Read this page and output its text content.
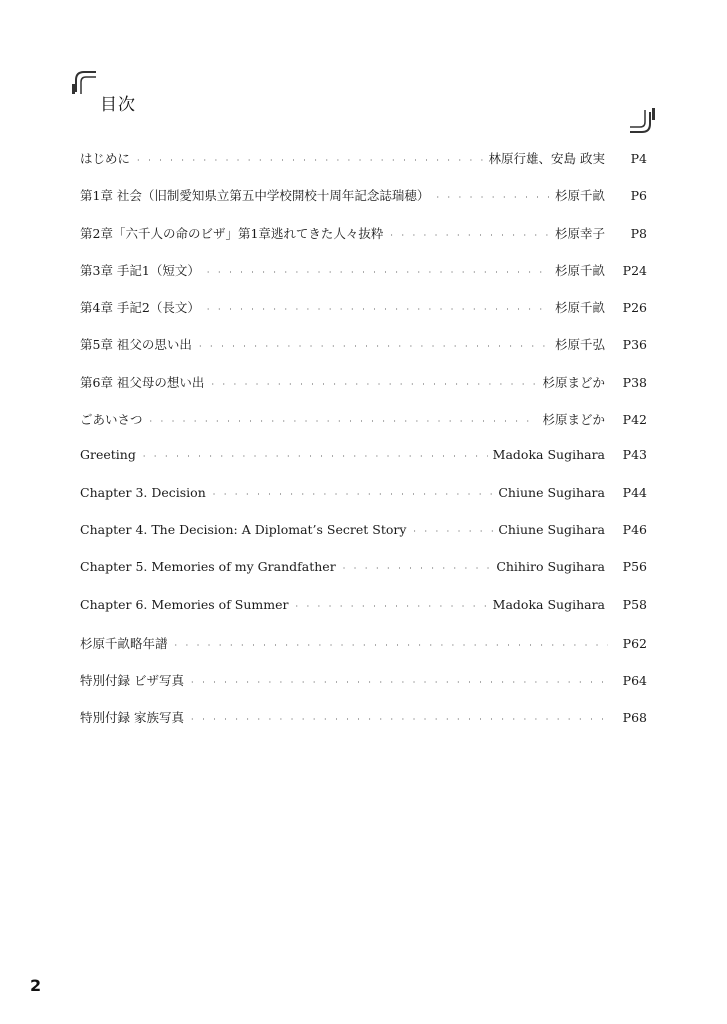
目次
はじめに · · ·	林原行雄、安島 政実	P4
第1章 社会（旧制愛知県立第五中学校開校十周年記念誌瑞穂） · · ·	杉原千畝	P6
第2章「六千人の命のビザ」第1章逃れてきた人々抜粋 · · ·	杉原幸子	P8
第3章 手記1（短文） · · ·	杉原千畝 P24
第4章 手記2（長文） · · ·	杉原千畝 P26
第5章 祖父の思い出 · · ·	杉原千弘 P36
第6章 祖父母の想い出 · · ·	杉原まどか P38
ごあいさつ · · ·	杉原まどか P42
Greeting · · ·	Madoka Sugihara P43
Chapter 3. Decision · · ·	Chiune Sugihara P44
Chapter 4. The Decision: A Diplomat’s Secret Story · · ·	Chiune Sugihara P46
Chapter 5. Memories of my Grandfather · · ·	Chihiro Sugihara P56
Chapter 6. Memories of Summer · · ·	Madoka Sugihara P58
杉原千畝略年譜 · · ·	P62
特別付録 ビザ写真 · · ·	P64
特別付録 家族写真 · · ·	P68
2
